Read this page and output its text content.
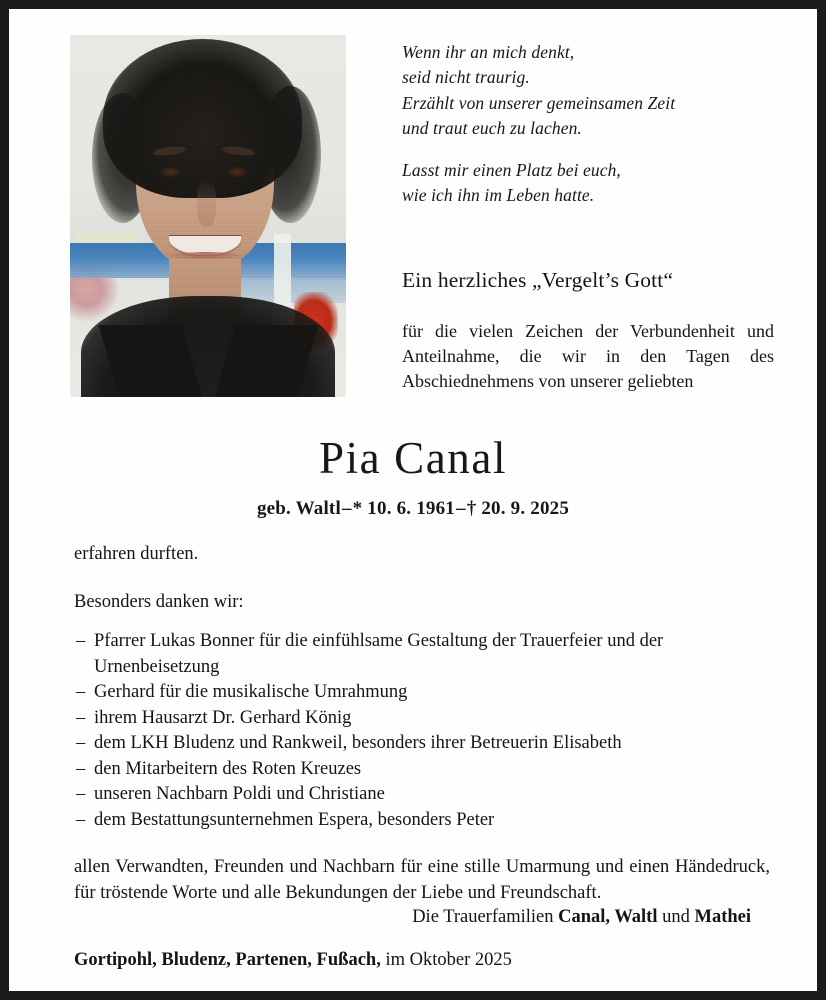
Wenn ihr an mich denkt,

seid nicht traurig.

Erzählt von unserer gemeinsamen Zeit

und traut euch zu lachen.

Lasst mir einen Platz bei euch,

wie ich ihn im Leben hatte.

Ein herzliches „Vergelt’s Gott“
für die vielen Zeichen der Verbundenheit und Anteilnahme, die wir in den Tagen des Abschiednehmens von unserer geliebten
Pia Canal
geb. Waltl–* 10. 6. 1961–† 20. 9. 2025

erfahren durften.

Besonders danken wir:

– Pfarrer Lukas Bonner für die einfühlsame Gestaltung der Trauerfeier und der Urnenbeisetzung
– Gerhard für die musikalische Umrahmung
– ihrem Hausarzt Dr. Gerhard König
– dem LKH Bludenz und Rankweil, besonders ihrer Betreuerin Elisabeth
– den Mitarbeitern des Roten Kreuzes
– unseren Nachbarn Poldi und Christiane
– dem Bestattungsunternehmen Espera, besonders Peter

allen Verwandten, Freunden und Nachbarn für eine stille Umarmung und einen Händedruck, für tröstende Worte und alle Bekundungen der Liebe und Freundschaft.

Die Trauerfamilien Canal, Waltl und Mathei
Gortipohl, Bludenz, Partenen, Fußach, im Oktober 2025
